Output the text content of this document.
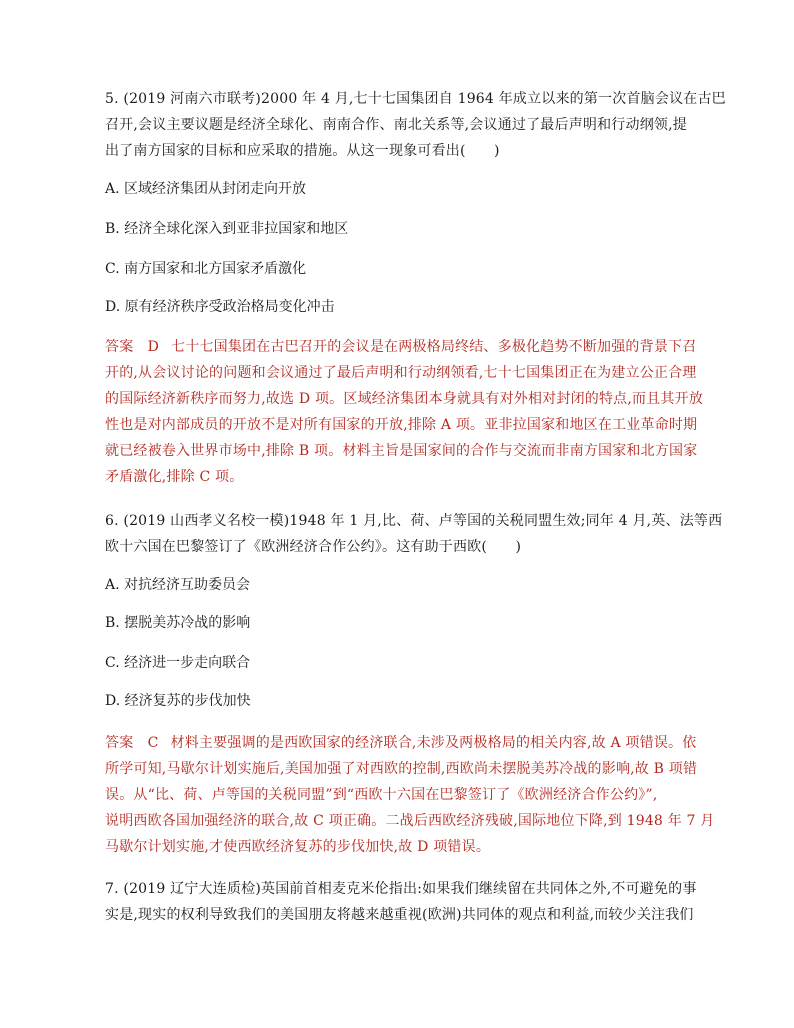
5. (2019 河南六市联考)2000 年 4 月,七十七国集团自 1964 年成立以来的第一次首脑会议在古巴
召开,会议主要议题是经济全球化、南南合作、南北关系等,会议通过了最后声明和行动纲领,提
出了南方国家的目标和应采取的措施。从这一现象可看出(　　)
A. 区域经济集团从封闭走向开放
B. 经济全球化深入到亚非拉国家和地区
C. 南方国家和北方国家矛盾激化
D. 原有经济秩序受政治格局变化冲击
答案　D 七十七国集团在古巴召开的会议是在两极格局终结、多极化趋势不断加强的背景下召
开的,从会议讨论的问题和会议通过了最后声明和行动纲领看,七十七国集团正在为建立公正合理
的国际经济新秩序而努力,故选 D 项。区域经济集团本身就具有对外相对封闭的特点,而且其开放
性也是对内部成员的开放不是对所有国家的开放,排除 A 项。亚非拉国家和地区在工业革命时期
就已经被卷入世界市场中,排除 B 项。材料主旨是国家间的合作与交流而非南方国家和北方国家
矛盾激化,排除 C 项。
6. (2019 山西孝义名校一模)1948 年 1 月,比、荷、卢等国的关税同盟生效;同年 4 月,英、法等西
欧十六国在巴黎签订了《欧洲经济合作公约》。这有助于西欧(　　)
A. 对抗经济互助委员会
B. 摆脱美苏冷战的影响
C. 经济进一步走向联合
D. 经济复苏的步伐加快
答案　C 材料主要强调的是西欧国家的经济联合,未涉及两极格局的相关内容,故 A 项错误。依
所学可知,马歇尔计划实施后,美国加强了对西欧的控制,西欧尚未摆脱美苏冷战的影响,故 B 项错
误。从“比、荷、卢等国的关税同盟”到“西欧十六国在巴黎签订了《欧洲经济合作公约》”,
说明西欧各国加强经济的联合,故 C 项正确。二战后西欧经济残破,国际地位下降,到 1948 年 7 月
马歇尔计划实施,才使西欧经济复苏的步伐加快,故 D 项错误。
7. (2019 辽宁大连质检)英国前首相麦克米伦指出:如果我们继续留在共同体之外,不可避免的事
实是,现实的权利导致我们的美国朋友将越来越重视(欧洲)共同体的观点和利益,而较少关注我们
